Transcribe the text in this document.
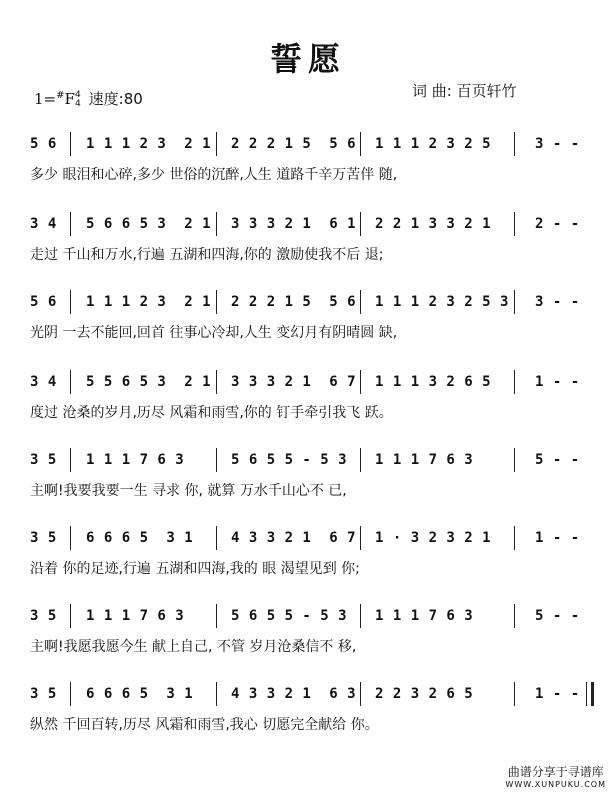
誓愿
1=#F4
4 速度:80	词 曲: 百页轩竹
5 6 1 1 1 2 3  2 1 2 2 2 1 5  5 6 1 1 1 2 3 2 5	3 - -
多少 眼泪和心碎,多少 世俗的沉醉,人生 道路千辛万苦伴 随,
3 4 5 6 6 5 3  2 1 3 3 3 2 1  6 1 2 2 1 3 3 2 1	2 - -
走过 千山和万水,行遍 五湖和四海,你的 激励使我不后 退;
5 6 1 1 1 2 3  2 1 2 2 2 1 5  5 6 1 1 1 2 3 2 5 3 3 - -
光阴 一去不能回,回首 往事心冷却,人生 变幻月有阴晴圆 缺,
3 4 5 5 6 5 3  2 1 3 3 3 2 1  6 7 1 1 1 3 2 6 5	1 - -
度过 沧桑的岁月,历尽 风霜和雨雪,你的 钉手牵引我飞 跃。
3 5 1 1 1 7 6 3	5 6 5 5 - 5 3 1 1 1 7 6 3	5 - -
主啊!我要我要一生 寻求 你, 就算 万水千山心不 已,
3 5 6 6 6 5  3 1	4 3 3 2 1  6 7 1 · 3 2 3 2 1	1 - -
沿着 你的足迹,行遍 五湖和四海,我的 眼 渴望见到 你;
3 5 1 1 1 7 6 3	5 6 5 5 - 5 3 1 1 1 7 6 3	5 - -
主啊!我愿我愿今生 献上自己, 不管 岁月沧桑信不 移,
3 5 6 6 6 5  3 1	4 3 3 2 1  6 3 2 2 3 2 6 5	1 - -
纵然 千回百转,历尽 风霜和雨雪,我心 切愿完全献给 你。
曲谱分享于寻谱库
WWW.XUNPUKU.COM
